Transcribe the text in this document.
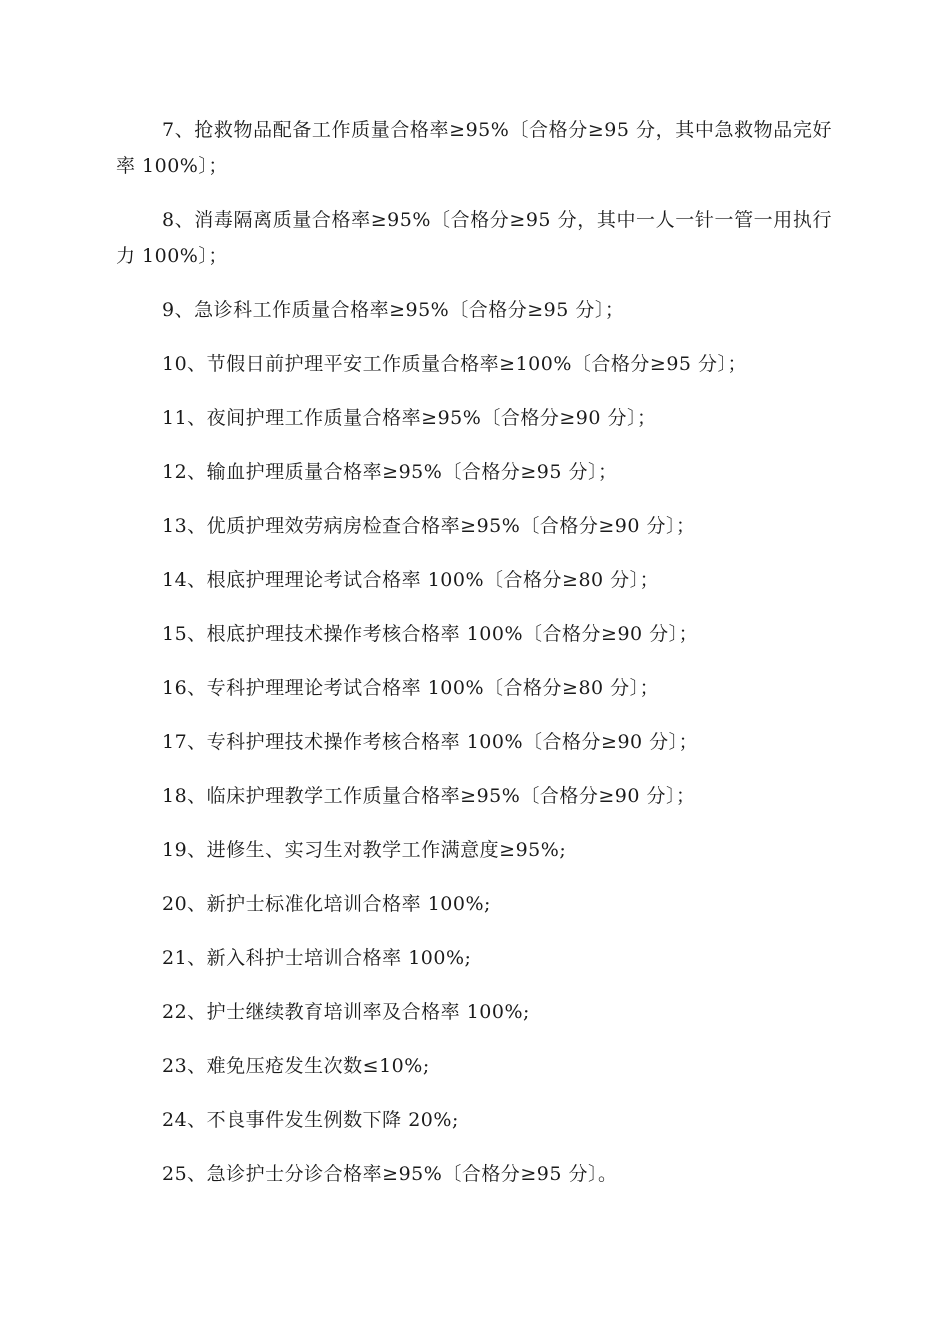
7、抢救物品配备工作质量合格率≥95%〔合格分≥95 分，其中急救物品完好率 100%〕；

8、消毒隔离质量合格率≥95%〔合格分≥95 分，其中一人一针一管一用执行力 100%〕；

9、急诊科工作质量合格率≥95%〔合格分≥95 分〕；

10、节假日前护理平安工作质量合格率≥100%〔合格分≥95 分〕；

11、夜间护理工作质量合格率≥95%〔合格分≥90 分〕；

12、输血护理质量合格率≥95%〔合格分≥95 分〕；

13、优质护理效劳病房检查合格率≥95%〔合格分≥90 分〕；

14、根底护理理论考试合格率 100%〔合格分≥80 分〕；

15、根底护理技术操作考核合格率 100%〔合格分≥90 分〕；

16、专科护理理论考试合格率 100%〔合格分≥80 分〕；

17、专科护理技术操作考核合格率 100%〔合格分≥90 分〕；

18、临床护理教学工作质量合格率≥95%〔合格分≥90 分〕；

19、进修生、实习生对教学工作满意度≥95%;

20、新护士标准化培训合格率 100%;

21、新入科护士培训合格率 100%;

22、护士继续教育培训率及合格率 100%;

23、难免压疮发生次数≤10%;

24、不良事件发生例数下降 20%;

25、急诊护士分诊合格率≥95%〔合格分≥95 分〕。
